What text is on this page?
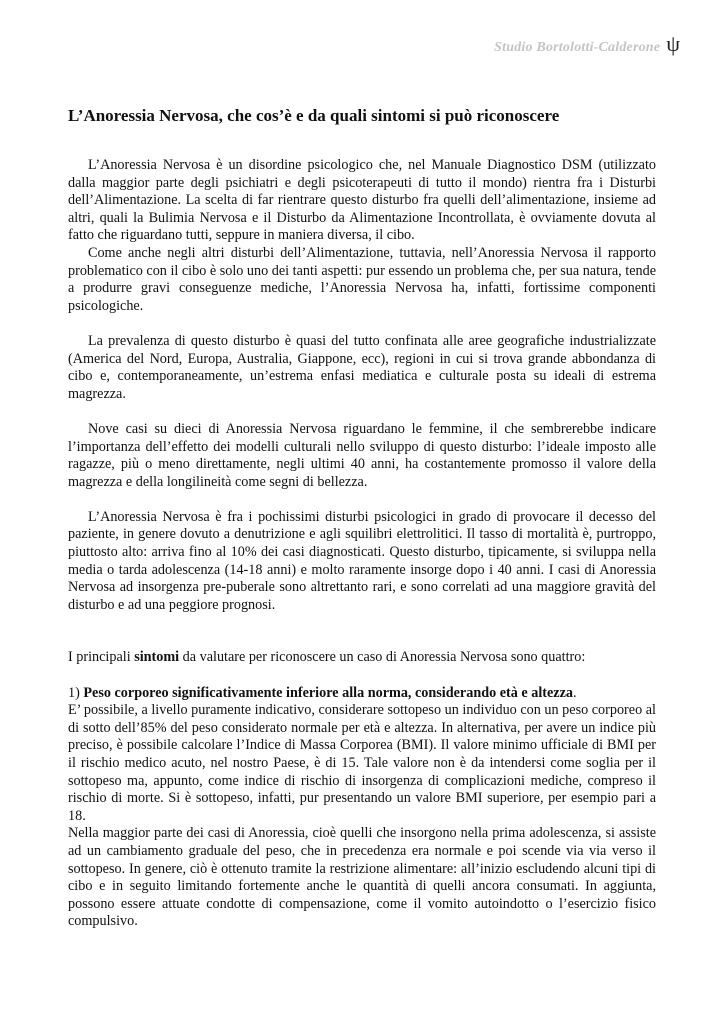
Studio Bortolotti-Calderone ψ
L’Anoressia Nervosa, che cos’è e da quali sintomi si può riconoscere

L’Anoressia Nervosa è un disordine psicologico che, nel Manuale Diagnostico DSM (utilizzato dalla maggior parte degli psichiatri e degli psicoterapeuti di tutto il mondo) rientra fra i Disturbi dell’Alimentazione. La scelta di far rientrare questo disturbo fra quelli dell’alimentazione, insieme ad altri, quali la Bulimia Nervosa e il Disturbo da Alimentazione Incontrollata, è ovviamente dovuta al fatto che riguardano tutti, seppure in maniera diversa, il cibo.

Come anche negli altri disturbi dell’Alimentazione, tuttavia, nell’Anoressia Nervosa il rapporto problematico con il cibo è solo uno dei tanti aspetti: pur essendo un problema che, per sua natura, tende a produrre gravi conseguenze mediche, l’Anoressia Nervosa ha, infatti, fortissime componenti psicologiche.

La prevalenza di questo disturbo è quasi del tutto confinata alle aree geografiche industrializzate (America del Nord, Europa, Australia, Giappone, ecc), regioni in cui si trova grande abbondanza di cibo e, contemporaneamente, un’estrema enfasi mediatica e culturale posta su ideali di estrema magrezza.

Nove casi su dieci di Anoressia Nervosa riguardano le femmine, il che sembrerebbe indicare l’importanza dell’effetto dei modelli culturali nello sviluppo di questo disturbo: l’ideale imposto alle ragazze, più o meno direttamente, negli ultimi 40 anni, ha costantemente promosso il valore della magrezza e della longilineità come segni di bellezza.

L’Anoressia Nervosa è fra i pochissimi disturbi psicologici in grado di provocare il decesso del paziente, in genere dovuto a denutrizione e agli squilibri elettrolitici. Il tasso di mortalità è, purtroppo, piuttosto alto: arriva fino al 10% dei casi diagnosticati. Questo disturbo, tipicamente, si sviluppa nella media o tarda adolescenza (14-18 anni) e molto raramente insorge dopo i 40 anni. I casi di Anoressia Nervosa ad insorgenza pre-puberale sono altrettanto rari, e sono correlati ad una maggiore gravità del disturbo e ad una peggiore prognosi.

I principali sintomi da valutare per riconoscere un caso di Anoressia Nervosa sono quattro:

1) Peso corporeo significativamente inferiore alla norma, considerando età e altezza.

E’ possibile, a livello puramente indicativo, considerare sottopeso un individuo con un peso corporeo al di sotto dell’85% del peso considerato normale per età e altezza. In alternativa, per avere un indice più preciso, è possibile calcolare l’Indice di Massa Corporea (BMI). Il valore minimo ufficiale di BMI per il rischio medico acuto, nel nostro Paese, è di 15. Tale valore non è da intendersi come soglia per il sottopeso ma, appunto, come indice di rischio di insorgenza di complicazioni mediche, compreso il rischio di morte. Si è sottopeso, infatti, pur presentando un valore BMI superiore, per esempio pari a 18.

Nella maggior parte dei casi di Anoressia, cioè quelli che insorgono nella prima adolescenza, si assiste ad un cambiamento graduale del peso, che in precedenza era normale e poi scende via via verso il sottopeso. In genere, ciò è ottenuto tramite la restrizione alimentare: all’inizio escludendo alcuni tipi di cibo e in seguito limitando fortemente anche le quantità di quelli ancora consumati. In aggiunta, possono essere attuate condotte di compensazione, come il vomito autoindotto o l’esercizio fisico compulsivo.
